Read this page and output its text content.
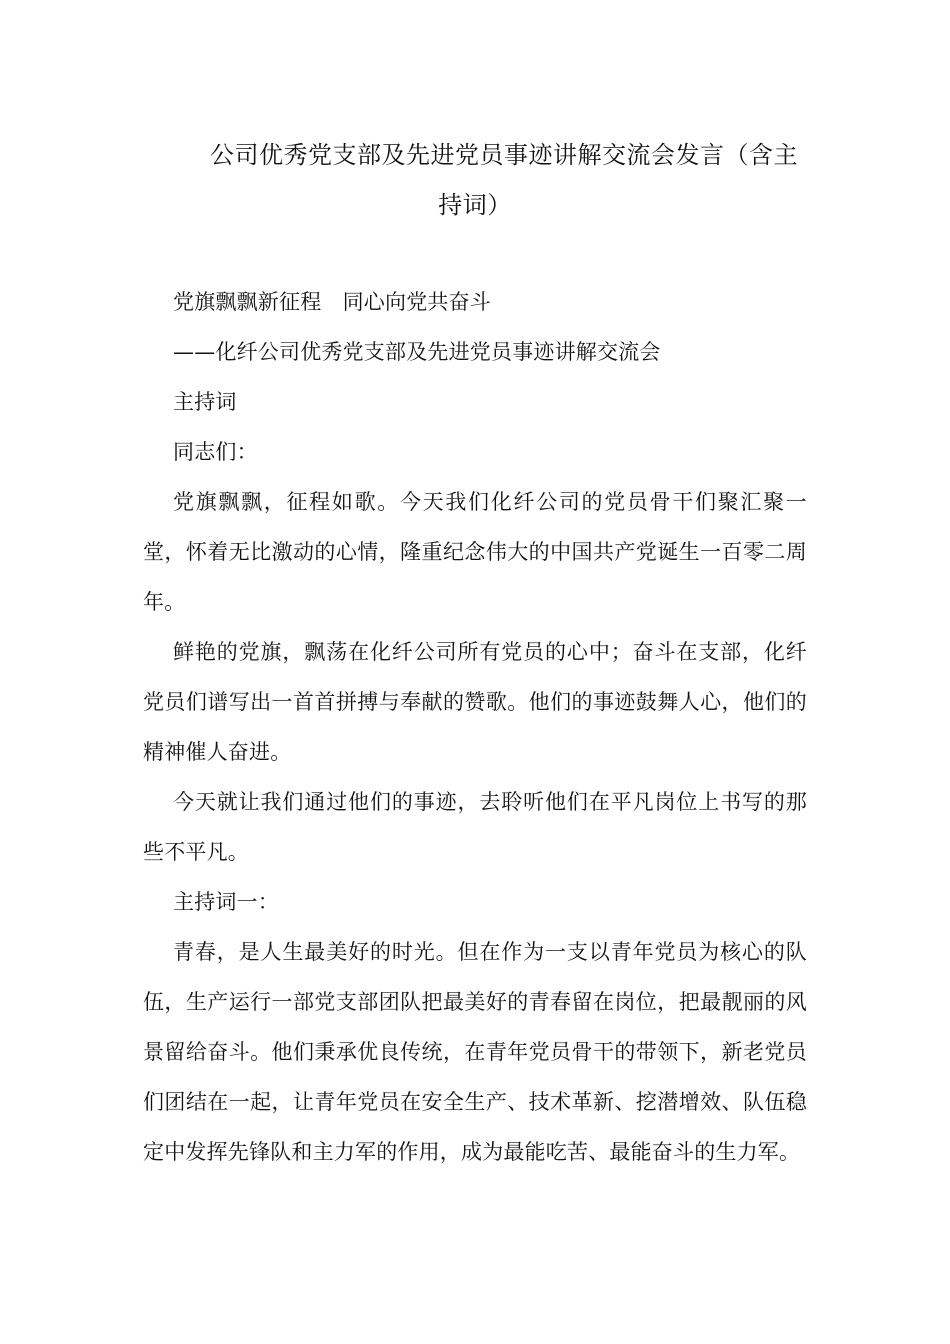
公司优秀党支部及先进党员事迹讲解交流会发言（含主持词）

党旗飘飘新征程　同心向党共奋斗

——化纤公司优秀党支部及先进党员事迹讲解交流会

主持词

同志们：

党旗飘飘，征程如歌。今天我们化纤公司的党员骨干们聚汇聚一堂，怀着无比激动的心情，隆重纪念伟大的中国共产党诞生一百零二周年。

鲜艳的党旗，飘荡在化纤公司所有党员的心中；奋斗在支部，化纤党员们谱写出一首首拼搏与奉献的赞歌。他们的事迹鼓舞人心，他们的精神催人奋进。

今天就让我们通过他们的事迹，去聆听他们在平凡岗位上书写的那些不平凡。

主持词一：

青春，是人生最美好的时光。但在作为一支以青年党员为核心的队伍，生产运行一部党支部团队把最美好的青春留在岗位，把最靓丽的风景留给奋斗。他们秉承优良传统，在青年党员骨干的带领下，新老党员们团结在一起，让青年党员在安全生产、技术革新、挖潜增效、队伍稳定中发挥先锋队和主力军的作用，成为最能吃苦、最能奋斗的生力军。
